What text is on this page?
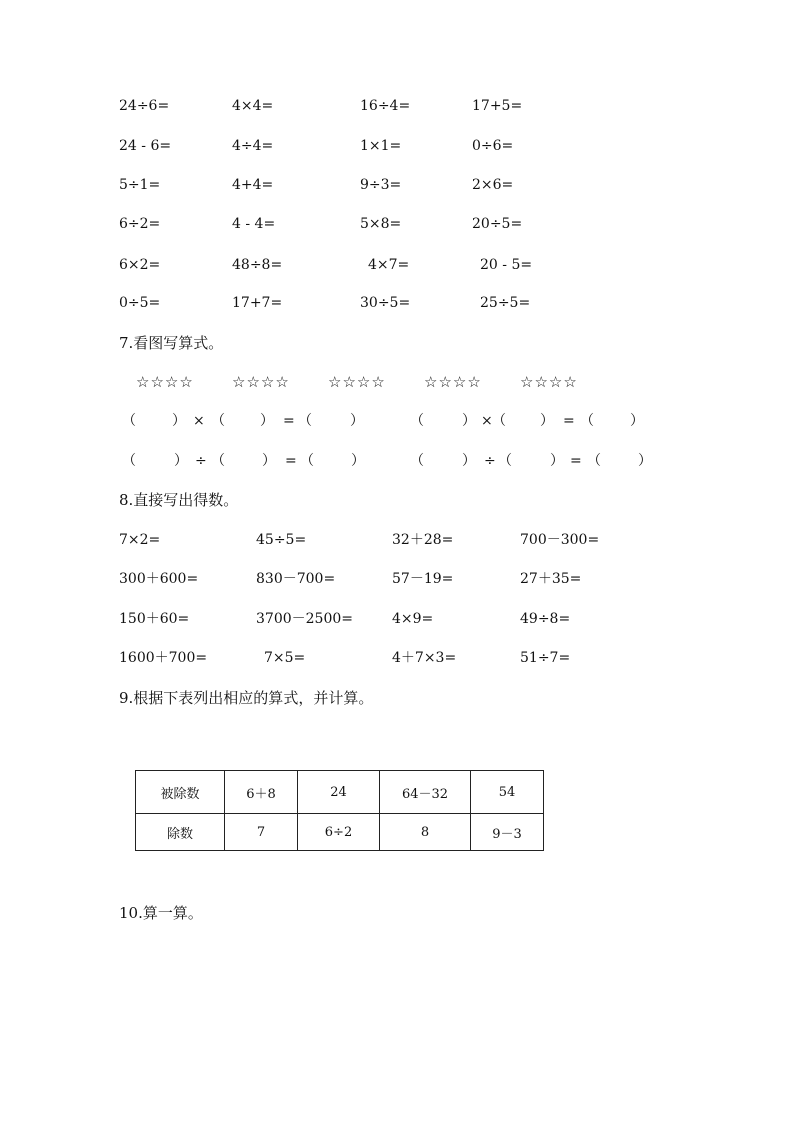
24÷6=	4×4=	16÷4=	17+5=
24 - 6=	4÷4=	1×1=	0÷6=
5÷1=	4+4=	9÷3=	2×6=
6÷2=	4 - 4=	5×8=	20÷5=
6×2=	48÷8=	4×7=	20 - 5=
0÷5=	17+7=	30÷5=	25÷5=
7.看图写算式。
☆☆☆☆	☆☆☆☆	☆☆☆☆	☆☆☆☆	☆☆☆☆
（	） × （	） = （	）	（	） × （ ） = （	）
（	） ÷ （	） = （	）	（	） ÷ （	） = （	）
8.直接写出得数。
7×2=	45÷5=	32＋28=	700－300=
300＋600=	830－700=	57－19=	27＋35=
150＋60=	3700－2500=	4×9=	49÷8=
1600＋700=	7×5=	4＋7×3=	51÷7=
9.根据下表列出相应的算式，并计算。
被除数	6＋8	24	64－32	54
除数	7	6÷2	8	9－3
10.算一算。
